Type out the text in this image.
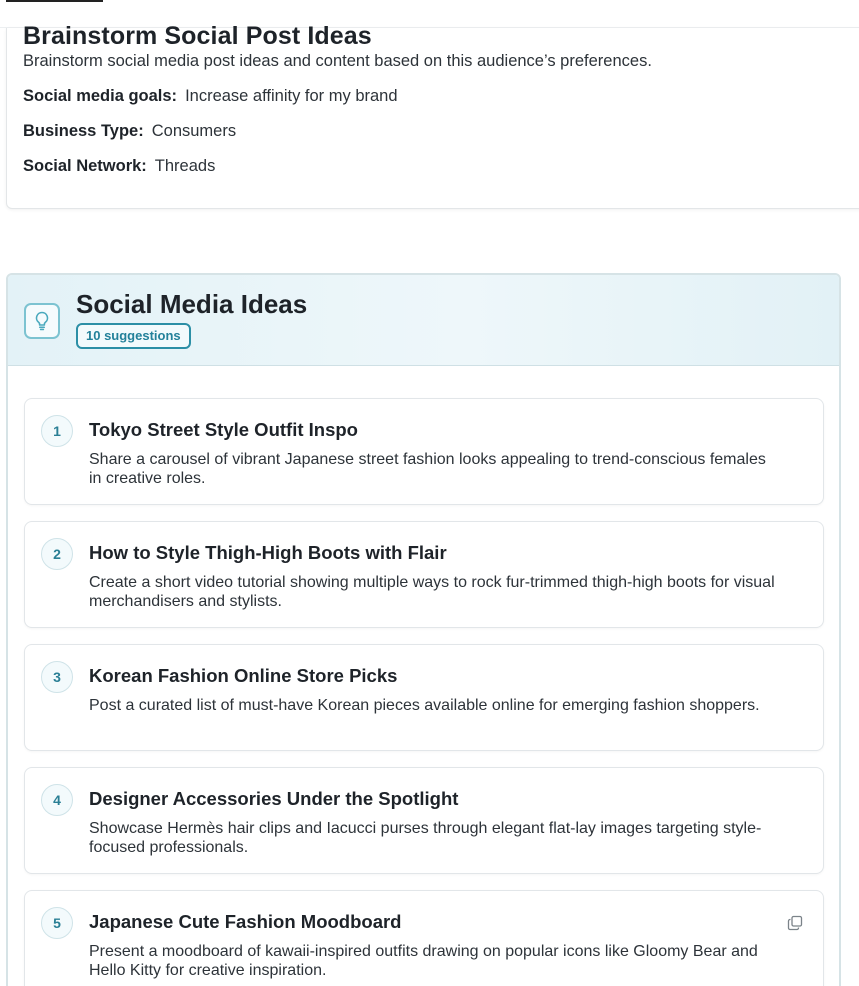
Brainstorm Social Post Ideas
Brainstorm social media post ideas and content based on this audience’s preferences.
Social media goals: Increase affinity for my brand
Business Type: Consumers
Social Network: Threads
Social Media Ideas
10 suggestions
1	Tokyo Street Style Outfit Inspo
Share a carousel of vibrant Japanese street fashion looks appealing to trend-conscious females in creative roles.
2	How to Style Thigh-High Boots with Flair
Create a short video tutorial showing multiple ways to rock fur-trimmed thigh-high boots for visual merchandisers and stylists.
3	Korean Fashion Online Store Picks
Post a curated list of must-have Korean pieces available online for emerging fashion shoppers.
4	Designer Accessories Under the Spotlight
Showcase Hermès hair clips and Iacucci purses through elegant flat-lay images targeting style-focused professionals.
5	Japanese Cute Fashion Moodboard
Present a moodboard of kawaii-inspired outfits drawing on popular icons like Gloomy Bear and Hello Kitty for creative inspiration.
